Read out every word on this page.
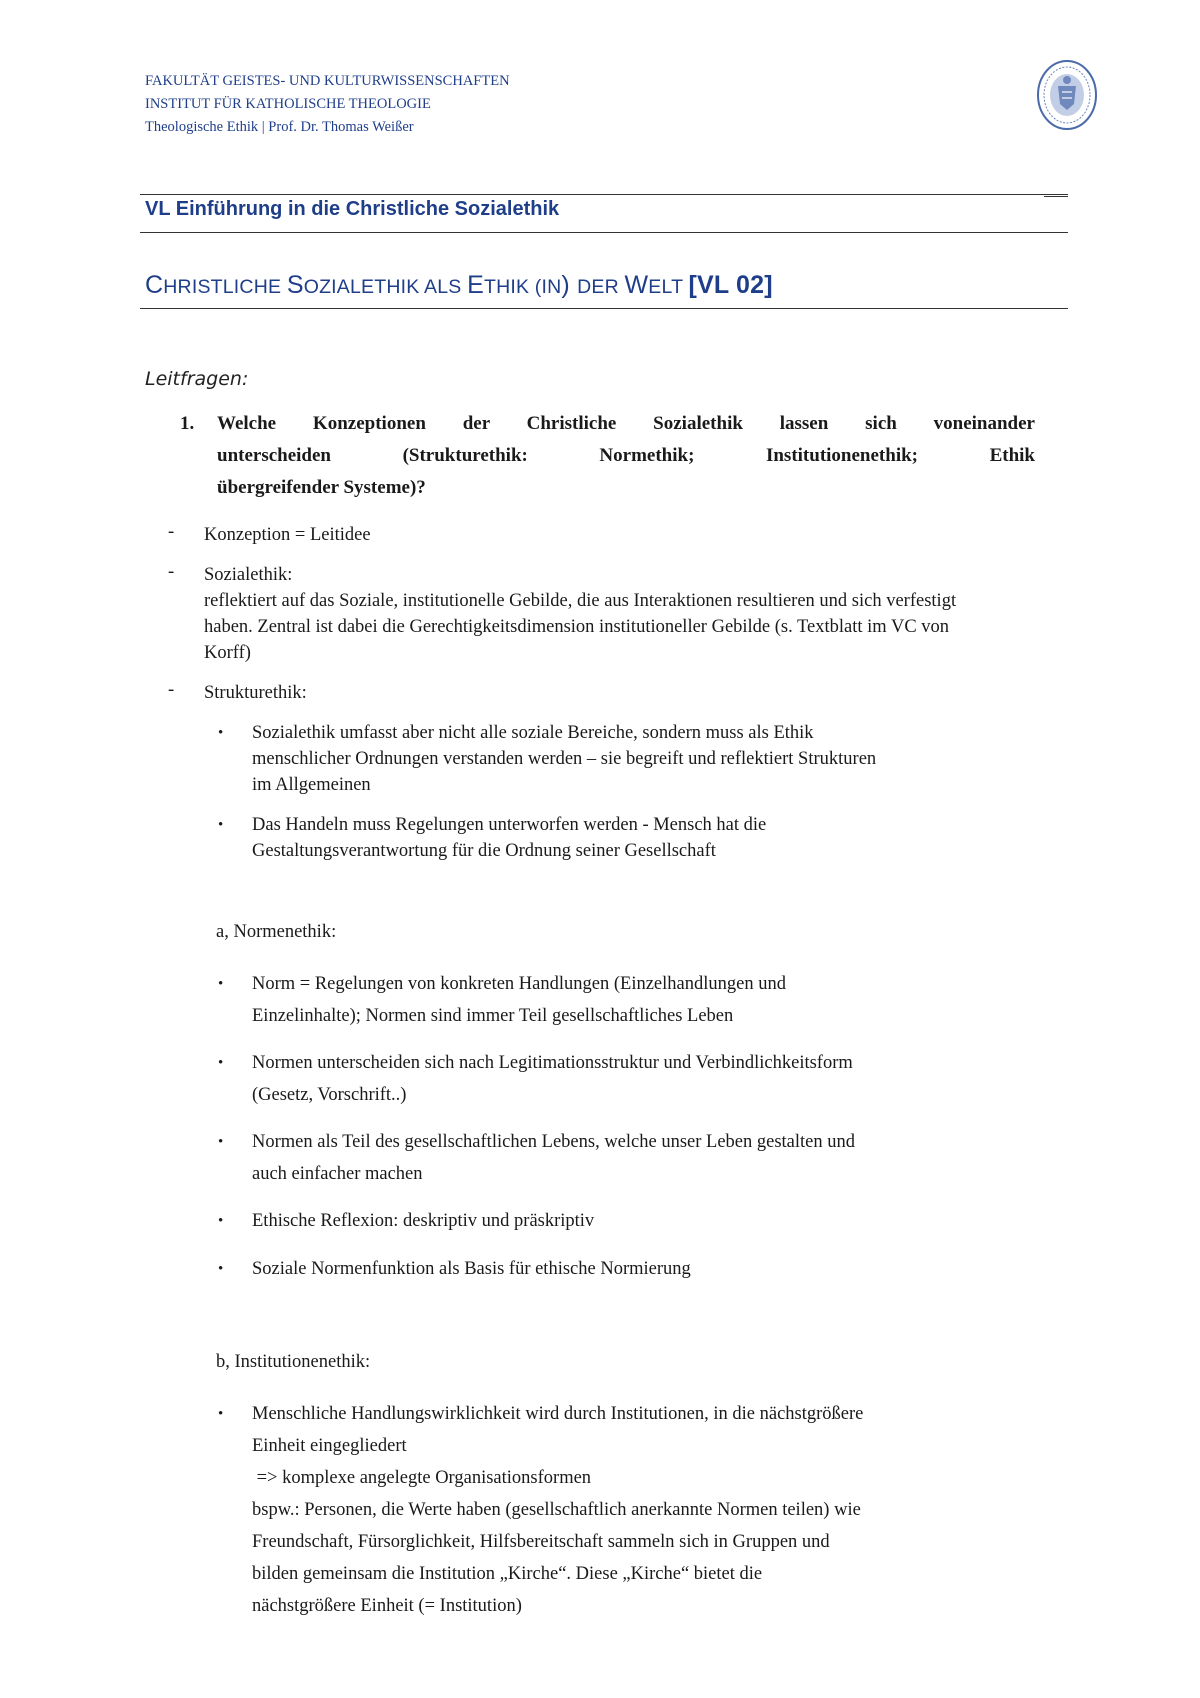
FAKULTÄT GEISTES- UND KULTURWISSENSCHAFTEN
INSTITUT FÜR KATHOLISCHE THEOLOGIE
Theologische Ethik | Prof. Dr. Thomas Weißer
VL Einführung in die Christliche Sozialethik
CHRISTLICHE SOZIALETHIK ALS ETHIK (IN) DER WELT [VL 02]
Leitfragen:
1. Welche Konzeptionen der Christliche Sozialethik lassen sich voneinander
unterscheiden (Strukturethik: Normethik; Institutionenethik; Ethik
übergreifender Systeme)?
- Konzeption = Leitidee
- Sozialethik:
reflektiert auf das Soziale, institutionelle Gebilde, die aus Interaktionen resultieren und sich verfestigt
haben. Zentral ist dabei die Gerechtigkeitsdimension institutioneller Gebilde (s. Textblatt im VC von
Korff)
- Strukturethik:
• Sozialethik umfasst aber nicht alle soziale Bereiche, sondern muss als Ethik
menschlicher Ordnungen verstanden werden – sie begreift und reflektiert Strukturen
im Allgemeinen
• Das Handeln muss Regelungen unterworfen werden - Mensch hat die
Gestaltungsverantwortung für die Ordnung seiner Gesellschaft
a, Normenethik:
• Norm = Regelungen von konkreten Handlungen (Einzelhandlungen und
Einzelinhalte); Normen sind immer Teil gesellschaftliches Leben
• Normen unterscheiden sich nach Legitimationsstruktur und Verbindlichkeitsform
(Gesetz, Vorschrift..)
• Normen als Teil des gesellschaftlichen Lebens, welche unser Leben gestalten und
auch einfacher machen
• Ethische Reflexion: deskriptiv und präskriptiv
• Soziale Normenfunktion als Basis für ethische Normierung
b, Institutionenethik:
• Menschliche Handlungswirklichkeit wird durch Institutionen, in die nächstgrößere
Einheit eingegliedert
=> komplexe angelegte Organisationsformen
bspw.: Personen, die Werte haben (gesellschaftlich anerkannte Normen teilen) wie
Freundschaft, Fürsorglichkeit, Hilfsbereitschaft sammeln sich in Gruppen und
bilden gemeinsam die Institution „Kirche“. Diese „Kirche“ bietet die
nächstgrößere Einheit (= Institution)
